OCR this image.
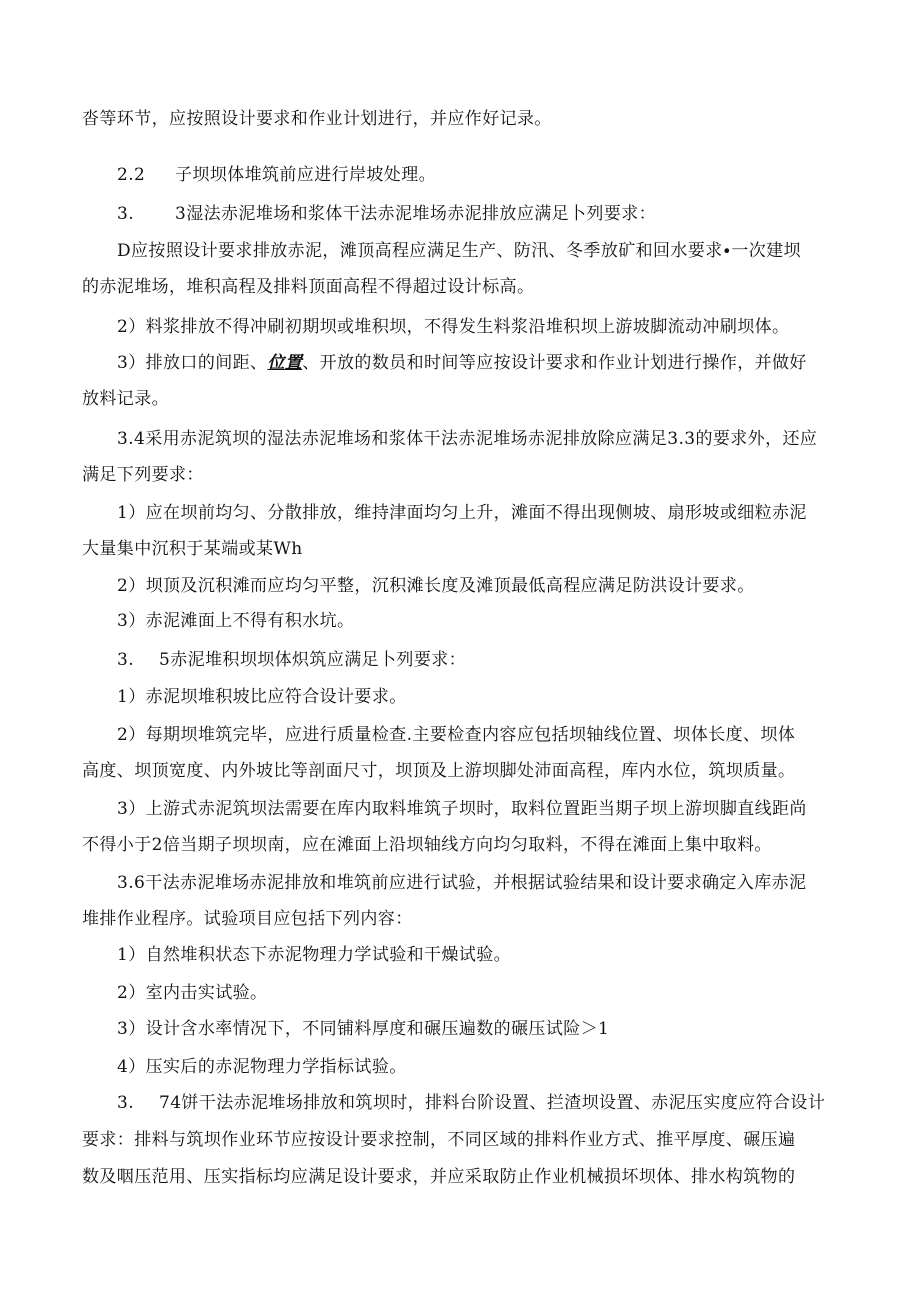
沓等环节，应按照设计要求和作业计划进行，并应作好记录。
2.2 子坝坝体堆筑前应进行岸坡处理。
3. 3湿法赤泥堆场和浆体干法赤泥堆场赤泥排放应满足卜列要求：
D应按照设计要求排放赤泥，滩顶高程应满足生产、防汛、冬季放矿和回水要求∙一次建坝
的赤泥堆场，堆积高程及排料顶面高程不得超过设计标高。
2）料浆排放不得冲刷初期坝或堆积坝，不得发生料浆沿堆积坝上游坡脚流动冲刷坝体。
3）排放口的间距、位置、开放的数员和时间等应按设计要求和作业计划进行操作，并做好
放料记录。
3.4采用赤泥筑坝的湿法赤泥堆场和浆体干法赤泥堆场赤泥排放除应满足3.3的要求外，还应
满足下列要求：
1）应在坝前均匀、分散排放，维持津面均匀上升，滩面不得出现侧坡、扇形坡或细粒赤泥
大量集中沉积于某端或某Wh
2）坝顶及沉积滩而应均匀平整，沉积滩长度及滩顶最低高程应满足防洪设计要求。
3）赤泥滩面上不得有积水坑。
3. 5赤泥堆积坝坝体炽筑应满足卜列要求：
1）赤泥坝堆积坡比应符合设计要求。
2）每期坝堆筑完毕，应进行质量检查.主要检查内容应包括坝轴线位置、坝体长度、坝体
高度、坝顶宽度、内外坡比等剖面尺寸，坝顶及上游坝脚处沛面高程，库内水位，筑坝质量。
3）上游式赤泥筑坝法需要在库内取料堆筑子坝时，取料位置距当期子坝上游坝脚直线距尚
不得小于2倍当期子坝坝南，应在滩面上沿坝轴线方向均匀取料，不得在滩面上集中取料。
3.6干法赤泥堆场赤泥排放和堆筑前应进行试验，并根据试验结果和设计要求确定入库赤泥
堆排作业程序。试验项目应包括下列内容：
1）自然堆积状态下赤泥物理力学试验和干燥试验。
2）室内击实试验。
3）设计含水率情况下，不同铺料厚度和碾压遍数的碾压试险＞1
4）压实后的赤泥物理力学指标试验。
3. 74饼干法赤泥堆场排放和筑坝时，排料台阶设置、拦渣坝设置、赤泥压实度应符合设计
要求：排料与筑坝作业环节应按设计要求控制，不同区域的排料作业方式、推平厚度、碾压遍
数及咽压范用、压实指标均应满足设计要求，并应采取防止作业机械损坏坝体、排水构筑物的
